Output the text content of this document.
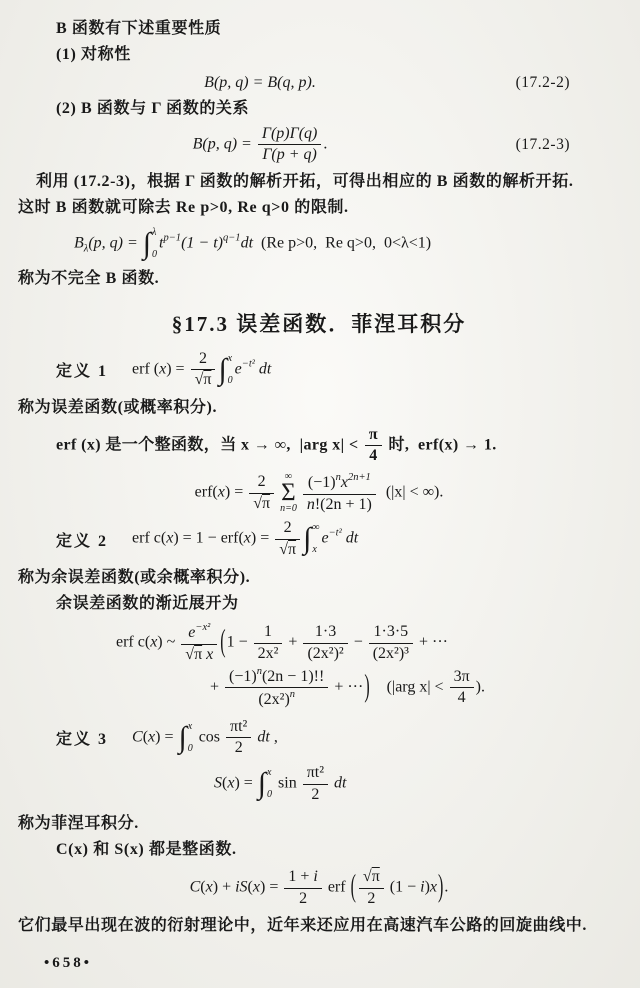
B 函数有下述重要性质

(1) 对称性

B(p, q) = B(q, p).	(17.2-2)

(2) B 函数与 Γ 函数的关系

B(p, $q) = \frac{\Gamma(p)\Gamma(q)}{\Gamma(p + q)}$ .	(17.2-3)

利用 (17.2-3)，根据 Γ 函数的解析开拓，可得出相应的 B 函数的解析开拓.

这时 B 函数就可除去 Re p>0, Re q>0 的限制.

$B_\lambda(p$, q) = ∫ λ
0
$t^{p-1}(1 - t)^{q-1}dt$  (Re p>0,  Re q>0,  0<λ<1)

称为不完全 B 函数.

§17.3 误差函数．菲涅耳积分
定义 1 erf $(x) = \frac{2}{√\pi}$ ∫ x
0
$e^{-t^2}$ dt

称为误差函数(或概率积分).

erf (x) 是一个整函数，当 x → ∞,  |arg $x| < \frac{\pi}{4}$ 时,  erf(x) → 1.
$erf(x) = \frac{2}{√\pi}$ ∞
Σ
$n=0 \frac{(-1)^nx^{2n+1}}{n!(2n + 1)} (|x|$ < ∞).
定义 2 erf $c(x) = 1 - erf(x) = \frac{2}{√\pi}$ ∫ ∞
x
$e^{-t^2}$ dt

称为余误差函数(或余概率积分).

余误差函数的渐近展开为

erf c(x) ~ $\frac{e^{-x^2}}{\text{√π x}} (1 - \frac{1}{\text{2x²}} + \frac{1\cdot 3}{\text{(2x²)²}} - \frac{1\cdot 3\cdot 5}{\text{(2x²)³}}$ + ···
+ $\frac{(-1)^n(2n - 1)!!}{(2x^2)^n}$ + ···)    (|arg $x| < \frac{3\pi}{4}$ ).
定义 3 C(x) = ∫ x
0
$\cos \frac{\text{πt²}}{2}$ dt ,
S(x) = ∫ x
0
$\sin \frac{\text{πt²}}{2}$ dt

称为菲涅耳积分.

C(x) 和 S(x) 都是整函数.

$C(x) + iS(x) = \frac{1 + i}{2}$ erf ( $\frac{√\pi}{2} (1 - i)x$).

它们最早出现在波的衍射理论中，近年来还应用在高速汽车公路的回旋曲线中.

•658•
